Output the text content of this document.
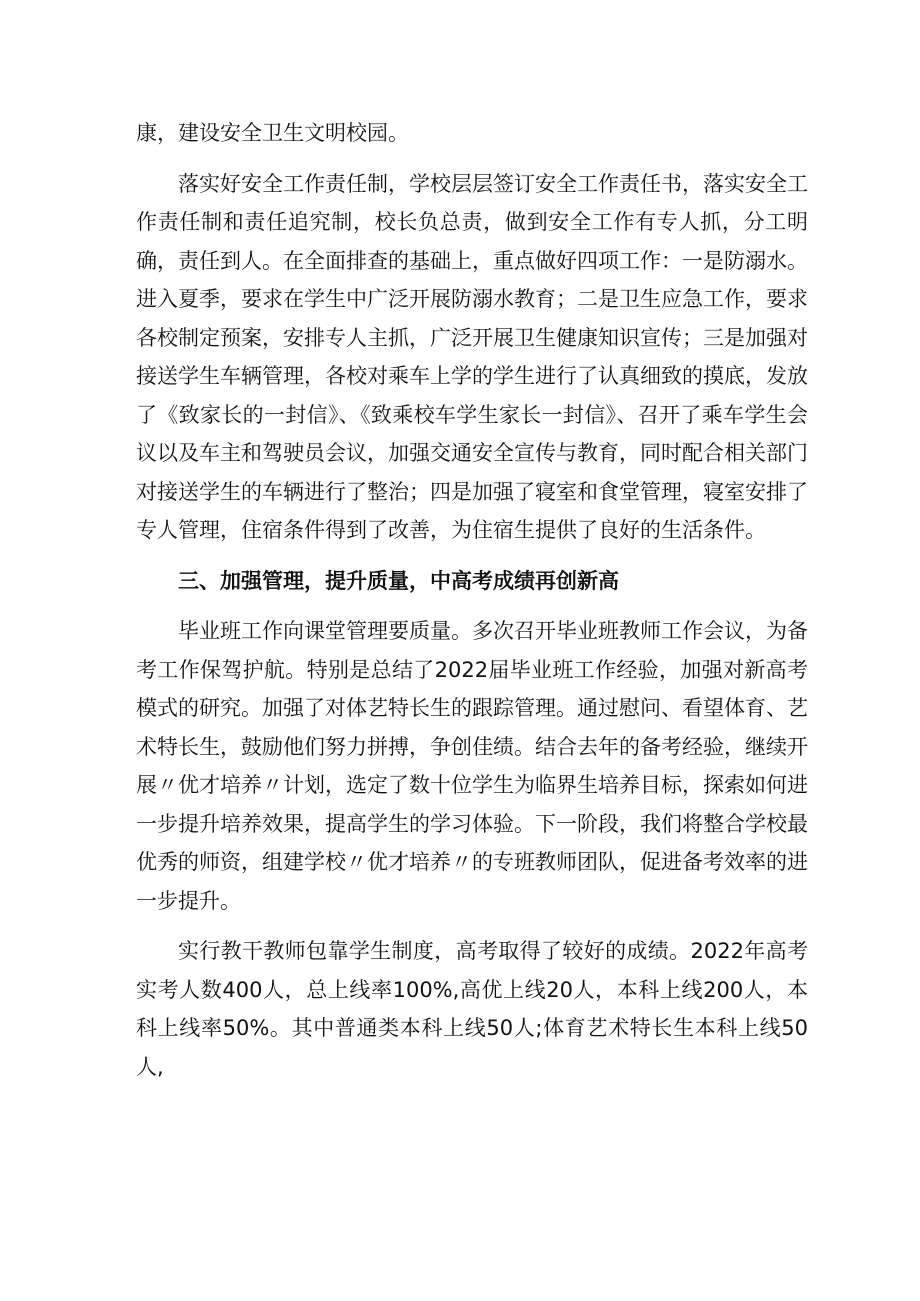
康，建设安全卫生文明校园。

落实好安全工作责任制，学校层层签订安全工作责任书，落实安全工作责任制和责任追究制，校长负总责，做到安全工作有专人抓，分工明确，责任到人。在全面排查的基础上，重点做好四项工作：一是防溺水。进入夏季，要求在学生中广泛开展防溺水教育；二是卫生应急工作，要求各校制定预案，安排专人主抓，广泛开展卫生健康知识宣传；三是加强对接送学生车辆管理，各校对乘车上学的学生进行了认真细致的摸底，发放了《致家长的一封信》、《致乘校车学生家长一封信》、召开了乘车学生会议以及车主和驾驶员会议，加强交通安全宣传与教育，同时配合相关部门对接送学生的车辆进行了整治；四是加强了寝室和食堂管理，寝室安排了专人管理，住宿条件得到了改善，为住宿生提供了良好的生活条件。

三、加强管理，提升质量，中高考成绩再创新高

毕业班工作向课堂管理要质量。多次召开毕业班教师工作会议，为备考工作保驾护航。特别是总结了2022届毕业班工作经验，加强对新高考模式的研究。加强了对体艺特长生的跟踪管理。通过慰问、看望体育、艺术特长生，鼓励他们努力拼搏，争创佳绩。结合去年的备考经验，继续开展〃优才培养〃计划，选定了数十位学生为临界生培养目标，探索如何进一步提升培养效果，提高学生的学习体验。下一阶段，我们将整合学校最优秀的师资，组建学校〃优才培养〃的专班教师团队，促进备考效率的进一步提升。

实行教干教师包靠学生制度，高考取得了较好的成绩。2022年高考实考人数400人，总上线率100%,高优上线20人，本科上线200人，本科上线率50%。其中普通类本科上线50人;体育艺术特长生本科上线50人,
